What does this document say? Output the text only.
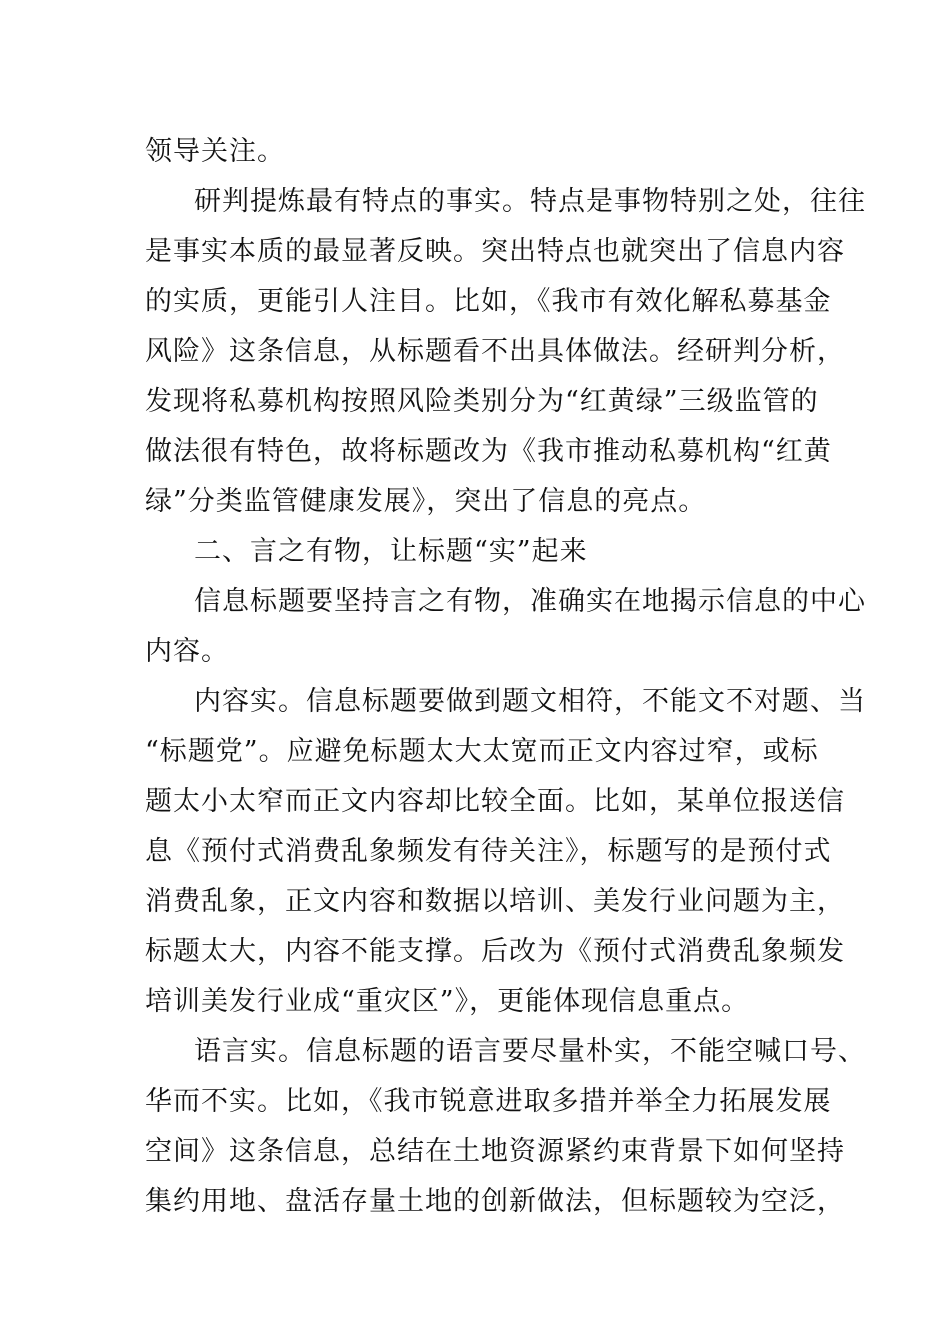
领导关注。
研判提炼最有特点的事实。特点是事物特别之处，往往
是事实本质的最显著反映。突出特点也就突出了信息内容
的实质，更能引人注目。比如，《我市有效化解私募基金
风险》这条信息，从标题看不出具体做法。经研判分析，
发现将私募机构按照风险类别分为“红黄绿”三级监管的
做法很有特色，故将标题改为《我市推动私募机构“红黄
绿”分类监管健康发展》，突出了信息的亮点。
二、言之有物，让标题“实”起来
信息标题要坚持言之有物，准确实在地揭示信息的中心
内容。
内容实。信息标题要做到题文相符，不能文不对题、当
“标题党”。应避免标题太大太宽而正文内容过窄，或标
题太小太窄而正文内容却比较全面。比如，某单位报送信
息《预付式消费乱象频发有待关注》，标题写的是预付式
消费乱象，正文内容和数据以培训、美发行业问题为主，
标题太大，内容不能支撑。后改为《预付式消费乱象频发
培训美发行业成“重灾区”》，更能体现信息重点。
语言实。信息标题的语言要尽量朴实，不能空喊口号、
华而不实。比如，《我市锐意进取多措并举全力拓展发展
空间》这条信息，总结在土地资源紧约束背景下如何坚持
集约用地、盘活存量土地的创新做法，但标题较为空泛，
